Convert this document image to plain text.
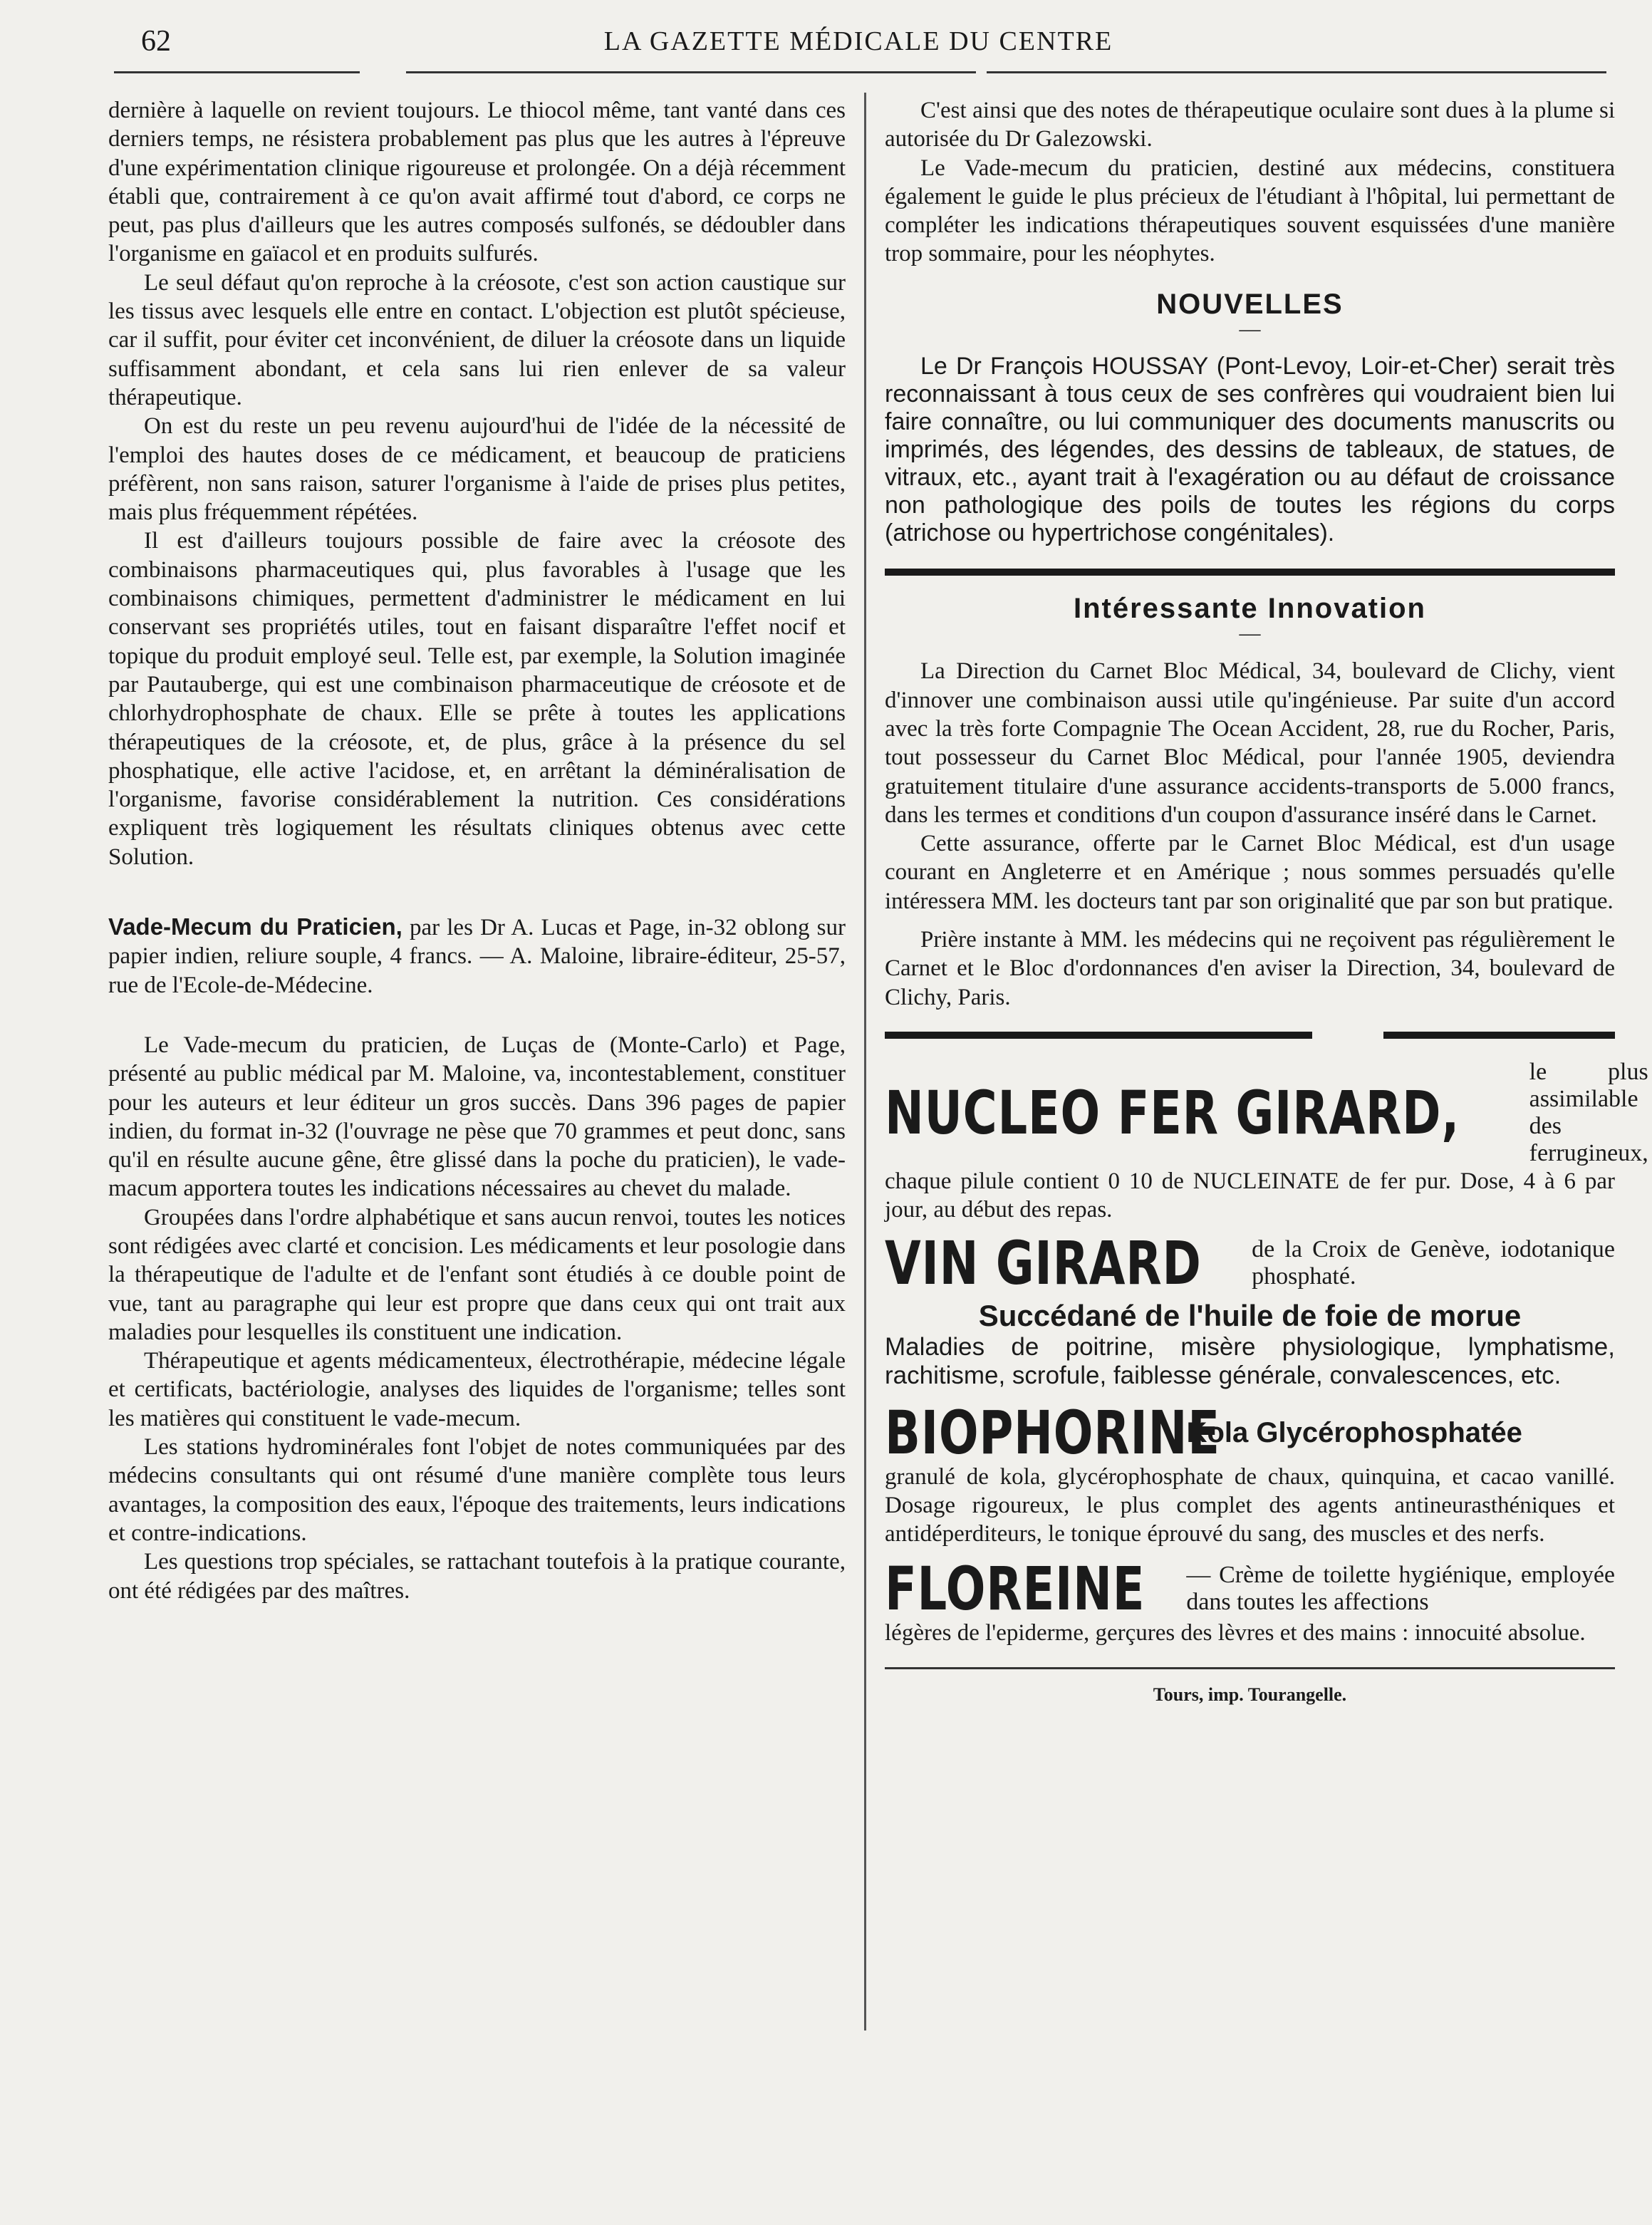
62	LA GAZETTE MÉDICALE DU CENTRE

dernière à laquelle on revient toujours. Le thiocol même, tant vanté dans ces derniers temps, ne résistera probablement pas plus que les autres à l'épreuve d'une expérimentation clinique rigoureuse et prolongée. On a déjà récemment établi que, contrairement à ce qu'on avait affirmé tout d'abord, ce corps ne peut, pas plus d'ailleurs que les autres composés sulfonés, se dédoubler dans l'organisme en gaïacol et en produits sulfurés.

Le seul défaut qu'on reproche à la créosote, c'est son action caustique sur les tissus avec lesquels elle entre en contact. L'objection est plutôt spécieuse, car il suffit, pour éviter cet inconvénient, de diluer la créosote dans un liquide suffisamment abondant, et cela sans lui rien enlever de sa valeur thérapeutique.

On est du reste un peu revenu aujourd'hui de l'idée de la nécessité de l'emploi des hautes doses de ce médicament, et beaucoup de praticiens préfèrent, non sans raison, saturer l'organisme à l'aide de prises plus petites, mais plus fréquemment répétées.

Il est d'ailleurs toujours possible de faire avec la créosote des combinaisons pharmaceutiques qui, plus favorables à l'usage que les combinaisons chimiques, permettent d'administrer le médicament en lui conservant ses propriétés utiles, tout en faisant disparaître l'effet nocif et topique du produit employé seul. Telle est, par exemple, la Solution imaginée par Pautauberge, qui est une combinaison pharmaceutique de créosote et de chlorhydrophosphate de chaux. Elle se prête à toutes les applications thérapeutiques de la créosote, et, de plus, grâce à la présence du sel phosphatique, elle active l'acidose, et, en arrêtant la déminéralisation de l'organisme, favorise considérablement la nutrition. Ces considérations expliquent très logiquement les résultats cliniques obtenus avec cette Solution.

Vade-Mecum du Praticien, par les Dr A. Lucas et Page, in-32 oblong sur papier indien, reliure souple, 4 francs. — A. Maloine, libraire-éditeur, 25-57, rue de l'Ecole-de-Médecine.

Le Vade-mecum du praticien, de Luças de (Monte-Carlo) et Page, présenté au public médical par M. Maloine, va, incontestablement, constituer pour les auteurs et leur éditeur un gros succès. Dans 396 pages de papier indien, du format in-32 (l'ouvrage ne pèse que 70 grammes et peut donc, sans qu'il en résulte aucune gêne, être glissé dans la poche du praticien), le vade-macum apportera toutes les indications nécessaires au chevet du malade.

Groupées dans l'ordre alphabétique et sans aucun renvoi, toutes les notices sont rédigées avec clarté et concision. Les médicaments et leur posologie dans la thérapeutique de l'adulte et de l'enfant sont étudiés à ce double point de vue, tant au paragraphe qui leur est propre que dans ceux qui ont trait aux maladies pour lesquelles ils constituent une indication.

Thérapeutique et agents médicamenteux, électrothérapie, médecine légale et certificats, bactériologie, analyses des liquides de l'organisme; telles sont les matières qui constituent le vade-mecum.

Les stations hydrominérales font l'objet de notes communiquées par des médecins consultants qui ont résumé d'une manière complète tous leurs avantages, la composition des eaux, l'époque des traitements, leurs indications et contre-indications.

Les questions trop spéciales, se rattachant toutefois à la pratique courante, ont été rédigées par des maîtres.

C'est ainsi que des notes de thérapeutique oculaire sont dues à la plume si autorisée du Dr Galezowski.

Le Vade-mecum du praticien, destiné aux médecins, constituera également le guide le plus précieux de l'étudiant à l'hôpital, lui permettant de compléter les indications thérapeutiques souvent esquissées d'une manière trop sommaire, pour les néophytes.

NOUVELLES
—

Le Dr François HOUSSAY (Pont-Levoy, Loir-et-Cher) serait très reconnaissant à tous ceux de ses confrères qui voudraient bien lui faire connaître, ou lui communiquer des documents manuscrits ou imprimés, des légendes, des dessins de tableaux, de statues, de vitraux, etc., ayant trait à l'exagération ou au défaut de croissance non pathologique des poils de toutes les régions du corps (atrichose ou hypertrichose congénitales).

Intéressante Innovation
—

La Direction du Carnet Bloc Médical, 34, boulevard de Clichy, vient d'innover une combinaison aussi utile qu'ingénieuse. Par suite d'un accord avec la très forte Compagnie The Ocean Accident, 28, rue du Rocher, Paris, tout possesseur du Carnet Bloc Médical, pour l'année 1905, deviendra gratuitement titulaire d'une assurance accidents-transports de 5.000 francs, dans les termes et conditions d'un coupon d'assurance inséré dans le Carnet.

Cette assurance, offerte par le Carnet Bloc Médical, est d'un usage courant en Angleterre et en Amérique ; nous sommes persuadés qu'elle intéressera MM. les docteurs tant par son originalité que par son but pratique.

Prière instante à MM. les médecins qui ne reçoivent pas régulièrement le Carnet et le Bloc d'ordonnances d'en aviser la Direction, 34, boulevard de Clichy, Paris.

NUCLEO FER GIRARD,
le plus assimilable des ferrugineux,

chaque pilule contient 0 10 de NUCLEINATE de fer pur. Dose, 4 à 6 par jour, au début des repas.

VIN GIRARD de la Croix de Genève, iodotanique phosphaté.
Succédané de l'huile de foie de morue

Maladies de poitrine, misère physiologique, lymphatisme, rachitisme, scrofule, faiblesse générale, convalescences, etc.

BIOPHORINE
Kola Glycérophosphatée

granulé de kola, glycérophosphate de chaux, quinquina, et cacao vanillé. Dosage rigoureux, le plus complet des agents antineurasthéniques et antidéperditeurs, le tonique éprouvé du sang, des muscles et des nerfs.

FLOREINE — Crème de toilette hygiénique, employée dans toutes les affections

légères de l'epiderme, gerçures des lèvres et des mains : innocuité absolue.

Tours, imp. Tourangelle.
